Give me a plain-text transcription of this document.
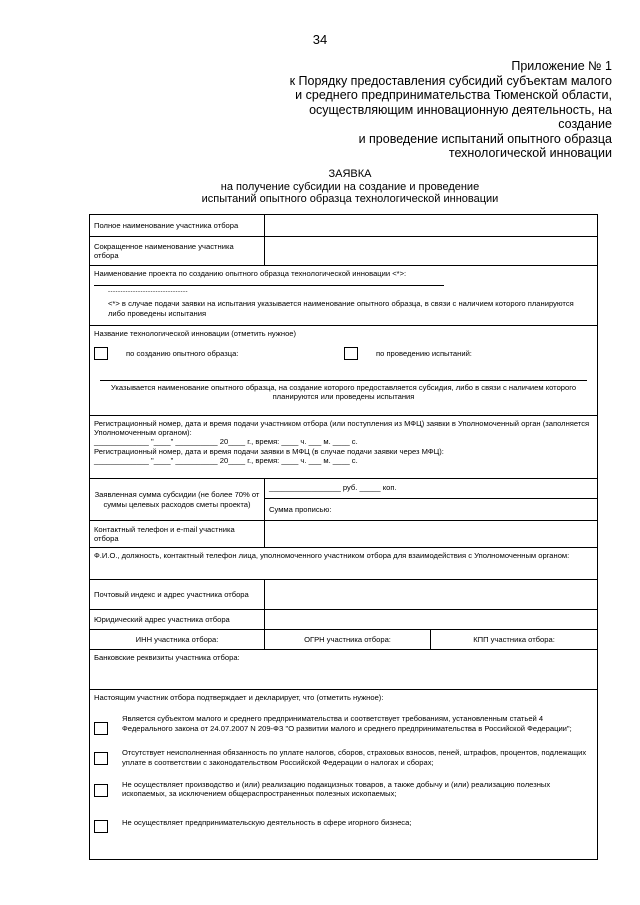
34
Приложение № 1
к Порядку предоставления субсидий субъектам малого
и среднего предпринимательства Тюменской области,
осуществляющим инновационную деятельность, на создание
и проведение испытаний опытного образца
технологической инновации
ЗАЯВКА
на получение субсидии на создание и проведение
испытаний опытного образца технологической инновации
Полное наименование участника отбора		
Сокращенное наименование участника отбора		

Наименование проекта по созданию опытного образца технологической инновации <*>:
--------------------------------
<*> в случае подачи заявки на испытания указывается наименование опытного образца, в связи с наличием которого планируются либо проведены испытания		

Название технологической инновации (отметить нужное)
по созданию опытного образца: по проведению испытаний:
Указывается наименование опытного образца, на создание которого предоставляется субсидия, либо в связи с наличием которого планируются или проведены испытания		

Регистрационный номер, дата и время подачи участником отбора (или поступления из МФЦ) заявки в Уполномоченный орган (заполняется Уполномоченным органом):
_____________ "____" __________ 20____ г., время: ____ ч. ___ м. ____ с.
Регистрационный номер, дата и время подачи заявки в МФЦ (в случае подачи заявки через МФЦ):
_____________ "____" __________ 20____ г., время: ____ ч. ___ м. ____ с.		

Заявленная сумма субсидии (не более 70% от суммы целевых расходов сметы проекта)	_________________ руб. _____ коп.
Сумма прописью:	

Контактный телефон и e-mail участника отбора		
Ф.И.О., должность, контактный телефон лица, уполномоченного участником отбора для взаимодействия с Уполномоченным органом:		
Почтовый индекс и адрес участника отбора		
Юридический адрес участника отбора		
ИНН участника отбора:	ОГРН участника отбора:	КПП участника отбора:
Банковские реквизиты участника отбора:		

Настоящим участник отбора подтверждает и декларирует, что (отметить нужное):
Является субъектом малого и среднего предпринимательства и соответствует требованиям, установленным статьей 4 Федерального закона от 24.07.2007 N 209-ФЗ "О развитии малого и среднего предпринимательства в Российской Федерации";
Отсутствует неисполненная обязанность по уплате налогов, сборов, страховых взносов, пеней, штрафов, процентов, подлежащих уплате в соответствии с законодательством Российской Федерации о налогах и сборах;
Не осуществляет производство и (или) реализацию подакцизных товаров, а также добычу и (или) реализацию полезных ископаемых, за исключением общераспространенных полезных ископаемых;
Не осуществляет предпринимательскую деятельность в сфере игорного бизнеса;		
